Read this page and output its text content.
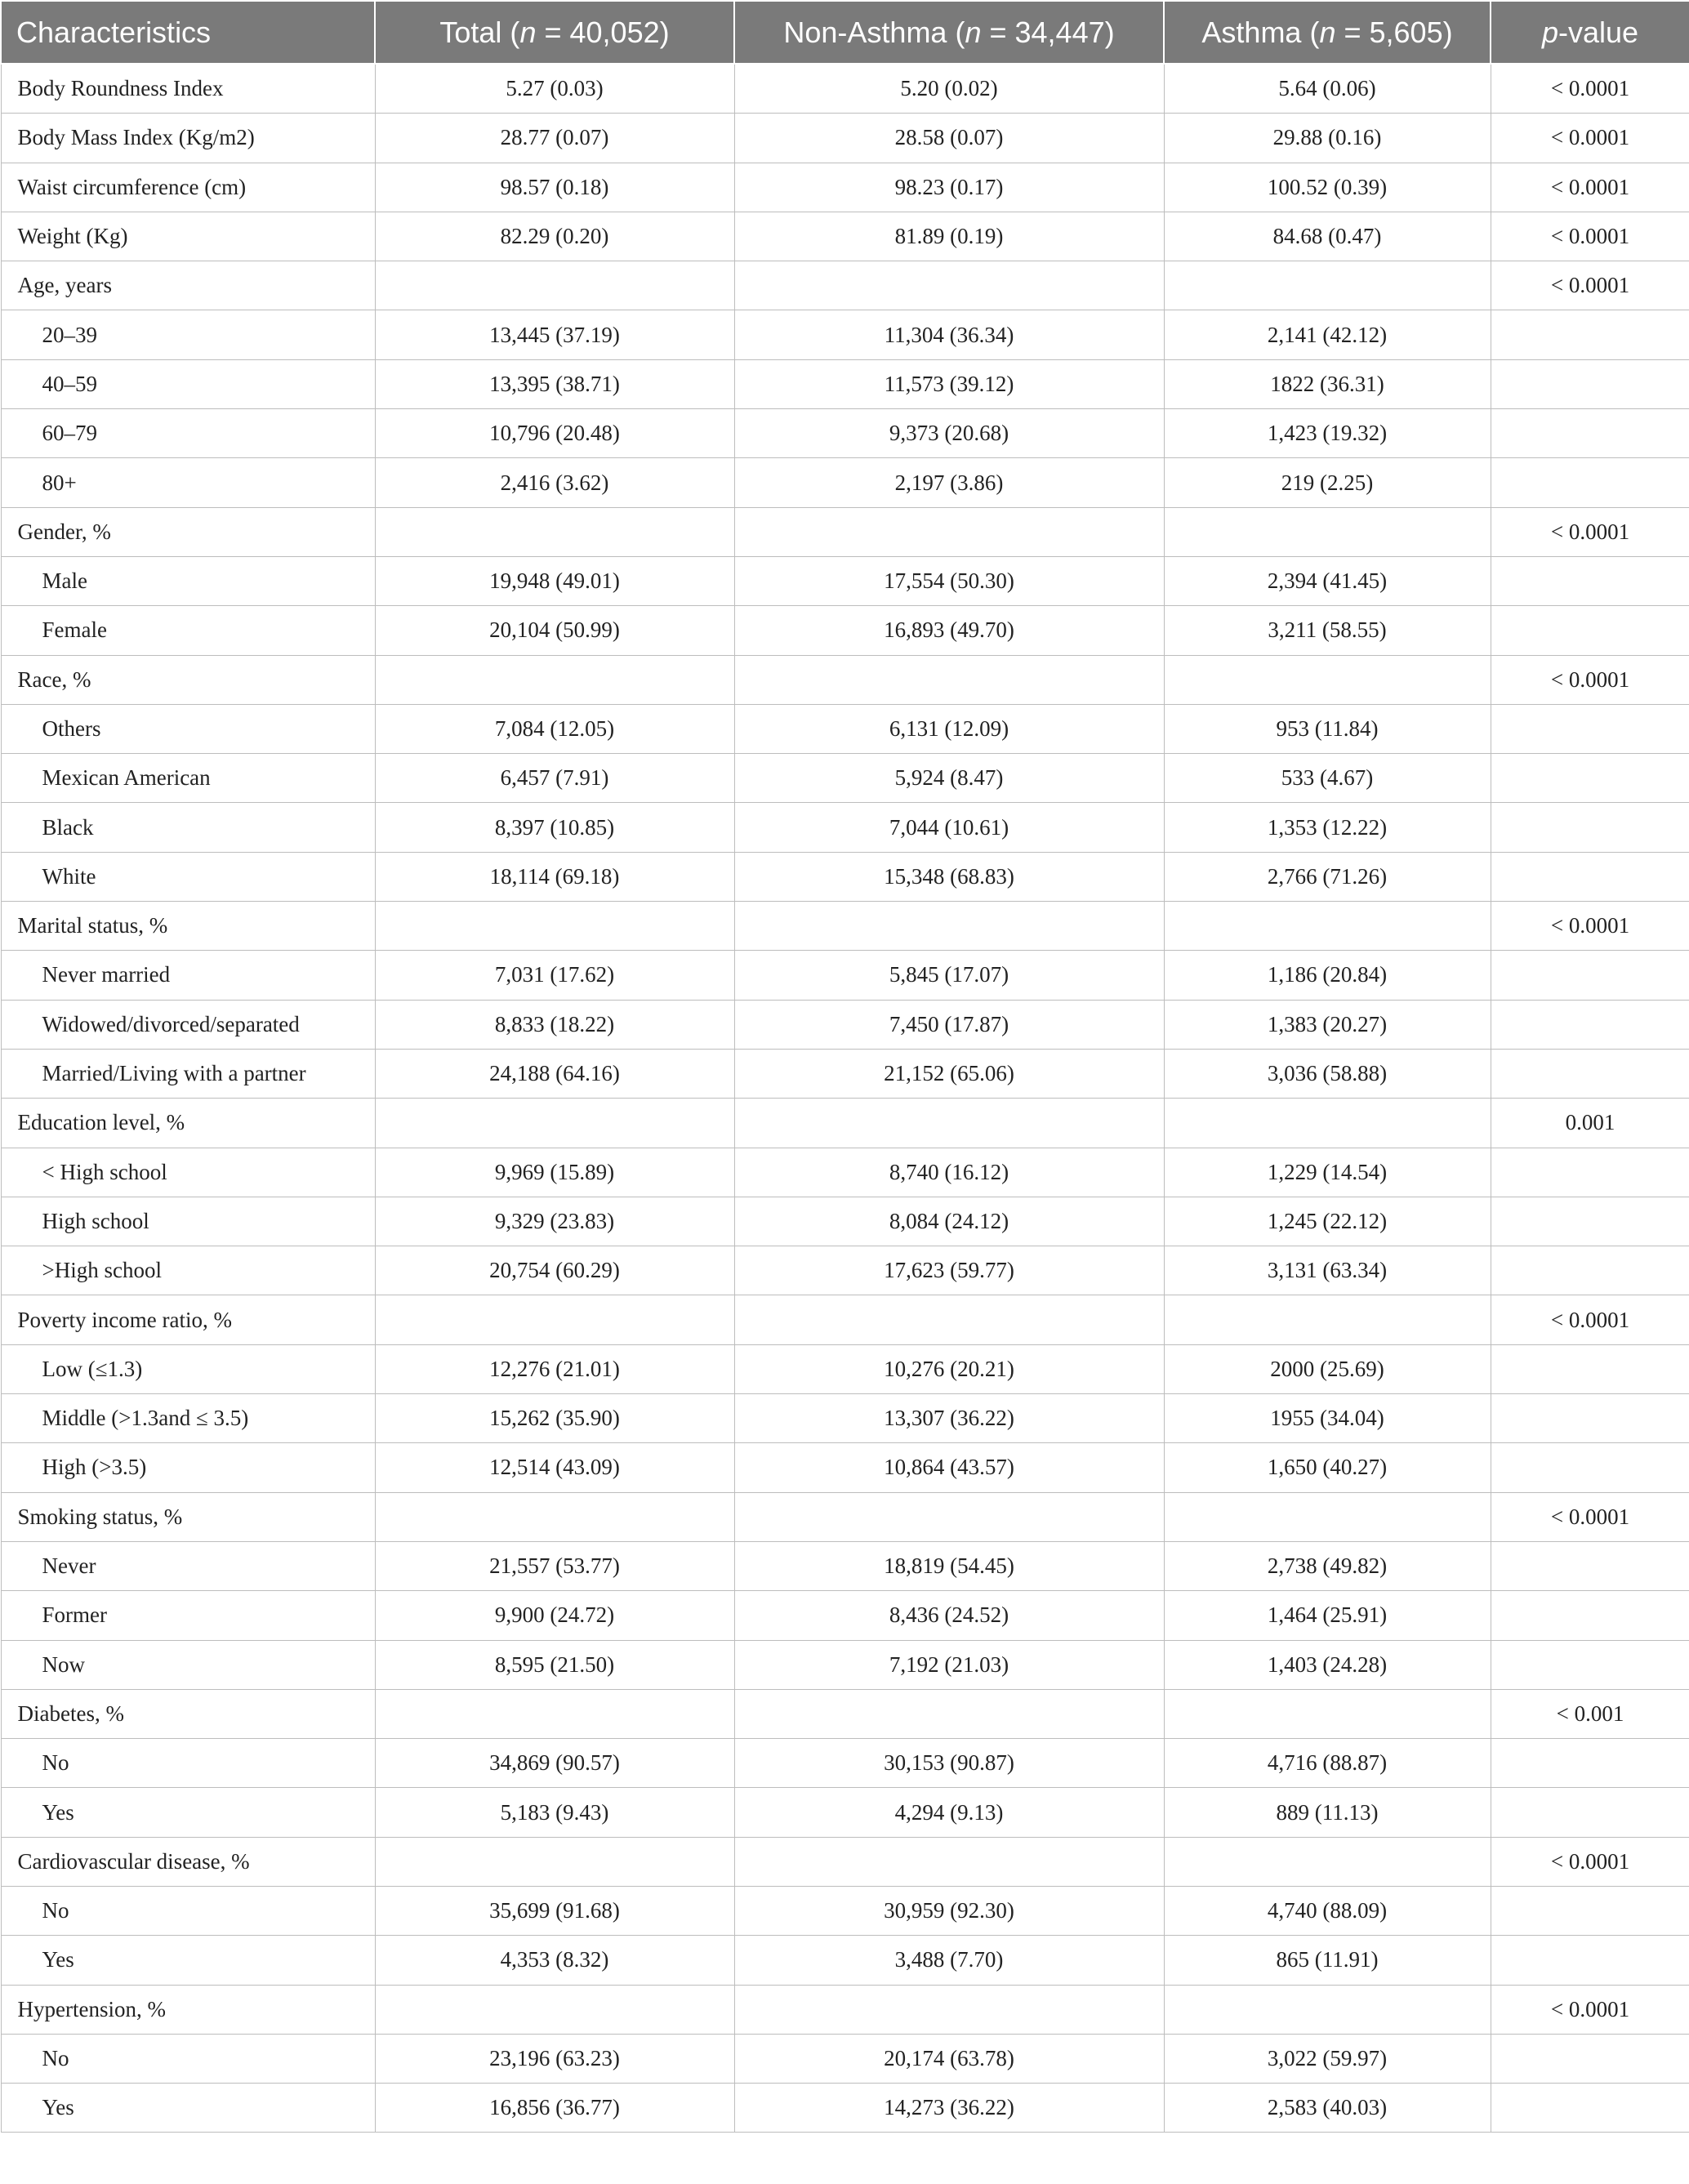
Characteristics	Total (n = 40,052)	Non-Asthma (n = 34,447)	Asthma (n = 5,605)	p-value
Body Roundness Index	5.27 (0.03)	5.20 (0.02)	5.64 (0.06)	< 0.0001
Body Mass Index (Kg/m2)	28.77 (0.07)	28.58 (0.07)	29.88 (0.16)	< 0.0001
Waist circumference (cm)	98.57 (0.18)	98.23 (0.17)	100.52 (0.39)	< 0.0001
Weight (Kg)	82.29 (0.20)	81.89 (0.19)	84.68 (0.47)	< 0.0001
Age, years				< 0.0001
20–39	13,445 (37.19)	11,304 (36.34)	2,141 (42.12)	
40–59	13,395 (38.71)	11,573 (39.12)	1822 (36.31)	
60–79	10,796 (20.48)	9,373 (20.68)	1,423 (19.32)	
80+	2,416 (3.62)	2,197 (3.86)	219 (2.25)	
Gender, %				< 0.0001
Male	19,948 (49.01)	17,554 (50.30)	2,394 (41.45)	
Female	20,104 (50.99)	16,893 (49.70)	3,211 (58.55)	
Race, %				< 0.0001
Others	7,084 (12.05)	6,131 (12.09)	953 (11.84)	
Mexican American	6,457 (7.91)	5,924 (8.47)	533 (4.67)	
Black	8,397 (10.85)	7,044 (10.61)	1,353 (12.22)	
White	18,114 (69.18)	15,348 (68.83)	2,766 (71.26)	
Marital status, %				< 0.0001
Never married	7,031 (17.62)	5,845 (17.07)	1,186 (20.84)	
Widowed/divorced/separated	8,833 (18.22)	7,450 (17.87)	1,383 (20.27)	
Married/Living with a partner	24,188 (64.16)	21,152 (65.06)	3,036 (58.88)	
Education level, %				0.001
< High school	9,969 (15.89)	8,740 (16.12)	1,229 (14.54)	
High school	9,329 (23.83)	8,084 (24.12)	1,245 (22.12)	
>High school	20,754 (60.29)	17,623 (59.77)	3,131 (63.34)	
Poverty income ratio, %				< 0.0001
Low (≤1.3)	12,276 (21.01)	10,276 (20.21)	2000 (25.69)	
Middle (>1.3and ≤ 3.5)	15,262 (35.90)	13,307 (36.22)	1955 (34.04)	
High (>3.5)	12,514 (43.09)	10,864 (43.57)	1,650 (40.27)	
Smoking status, %				< 0.0001
Never	21,557 (53.77)	18,819 (54.45)	2,738 (49.82)	
Former	9,900 (24.72)	8,436 (24.52)	1,464 (25.91)	
Now	8,595 (21.50)	7,192 (21.03)	1,403 (24.28)	
Diabetes, %				< 0.001
No	34,869 (90.57)	30,153 (90.87)	4,716 (88.87)	
Yes	5,183 (9.43)	4,294 (9.13)	889 (11.13)	
Cardiovascular disease, %				< 0.0001
No	35,699 (91.68)	30,959 (92.30)	4,740 (88.09)	
Yes	4,353 (8.32)	3,488 (7.70)	865 (11.91)	
Hypertension, %				< 0.0001
No	23,196 (63.23)	20,174 (63.78)	3,022 (59.97)	
Yes	16,856 (36.77)	14,273 (36.22)	2,583 (40.03)	
